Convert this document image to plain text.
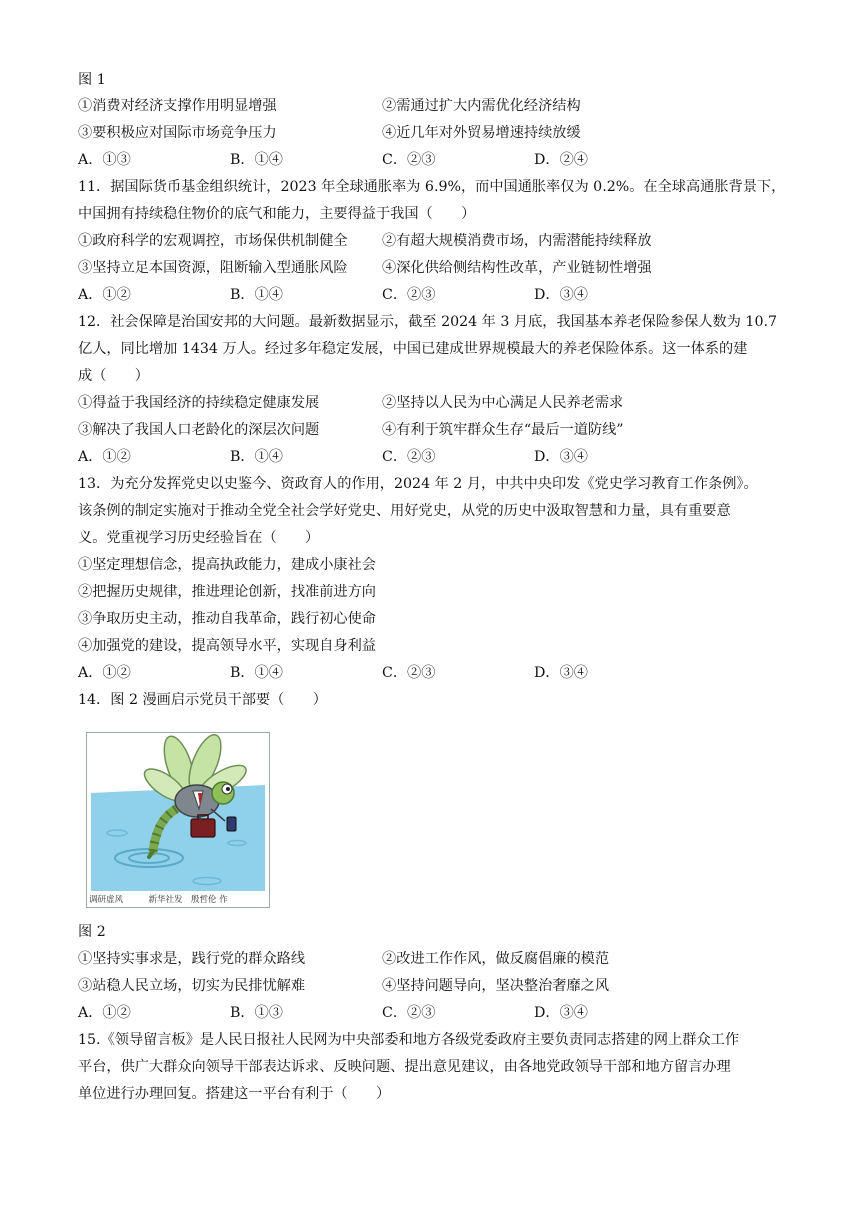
图 1
①消费对经济支撑作用明显增强	②需通过扩大内需优化经济结构
③要积极应对国际市场竞争压力	④近几年对外贸易增速持续放缓
A．①③	B．①④	C．②③	D．②④
11．据国际货币基金组织统计，2023 年全球通胀率为 6.9%，而中国通胀率仅为 0.2%。在全球高通胀背景下，
中国拥有持续稳住物价的底气和能力，主要得益于我国（　　）
①政府科学的宏观调控，市场保供机制健全 ②有超大规模消费市场，内需潜能持续释放
③坚持立足本国资源，阻断输入型通胀风险 ④深化供给侧结构性改革，产业链韧性增强
A．①②	B．①④	C．②③	D．③④
12．社会保障是治国安邦的大问题。最新数据显示，截至 2024 年 3 月底，我国基本养老保险参保人数为 10.7
亿人，同比增加 1434 万人。经过多年稳定发展，中国已建成世界规模最大的养老保险体系。这一体系的建
成（　　）
①得益于我国经济的持续稳定健康发展	②坚持以人民为中心满足人民养老需求
③解决了我国人口老龄化的深层次问题	④有利于筑牢群众生存“最后一道防线”
A．①②	B．①④	C．②③	D．③④
13．为充分发挥党史以史鉴今、资政育人的作用，2024 年 2 月，中共中央印发《党史学习教育工作条例》。
该条例的制定实施对于推动全党全社会学好党史、用好党史，从党的历史中汲取智慧和力量，具有重要意
义。党重视学习历史经验旨在（　　）
①坚定理想信念，提高执政能力，建成小康社会
②把握历史规律，推进理论创新，找准前进方向
③争取历史主动，推动自我革命，践行初心使命
④加强党的建设，提高领导水平，实现自身利益
A．①②	B．①④	C．②③	D．③④
14．图 2 漫画启示党员干部要（　　）
调研虚风　　　新华社发　殷哲伦 作
图 2
①坚持实事求是，践行党的群众路线	②改进工作作风，做反腐倡廉的模范
③站稳人民立场，切实为民排忧解难	④坚持问题导向，坚决整治奢靡之风
A．①②	B．①③	C．②③	D．③④
15.《领导留言板》是人民日报社人民网为中央部委和地方各级党委政府主要负责同志搭建的网上群众工作
平台，供广大群众向领导干部表达诉求、反映问题、提出意见建议，由各地党政领导干部和地方留言办理
单位进行办理回复。搭建这一平台有利于（　　）
